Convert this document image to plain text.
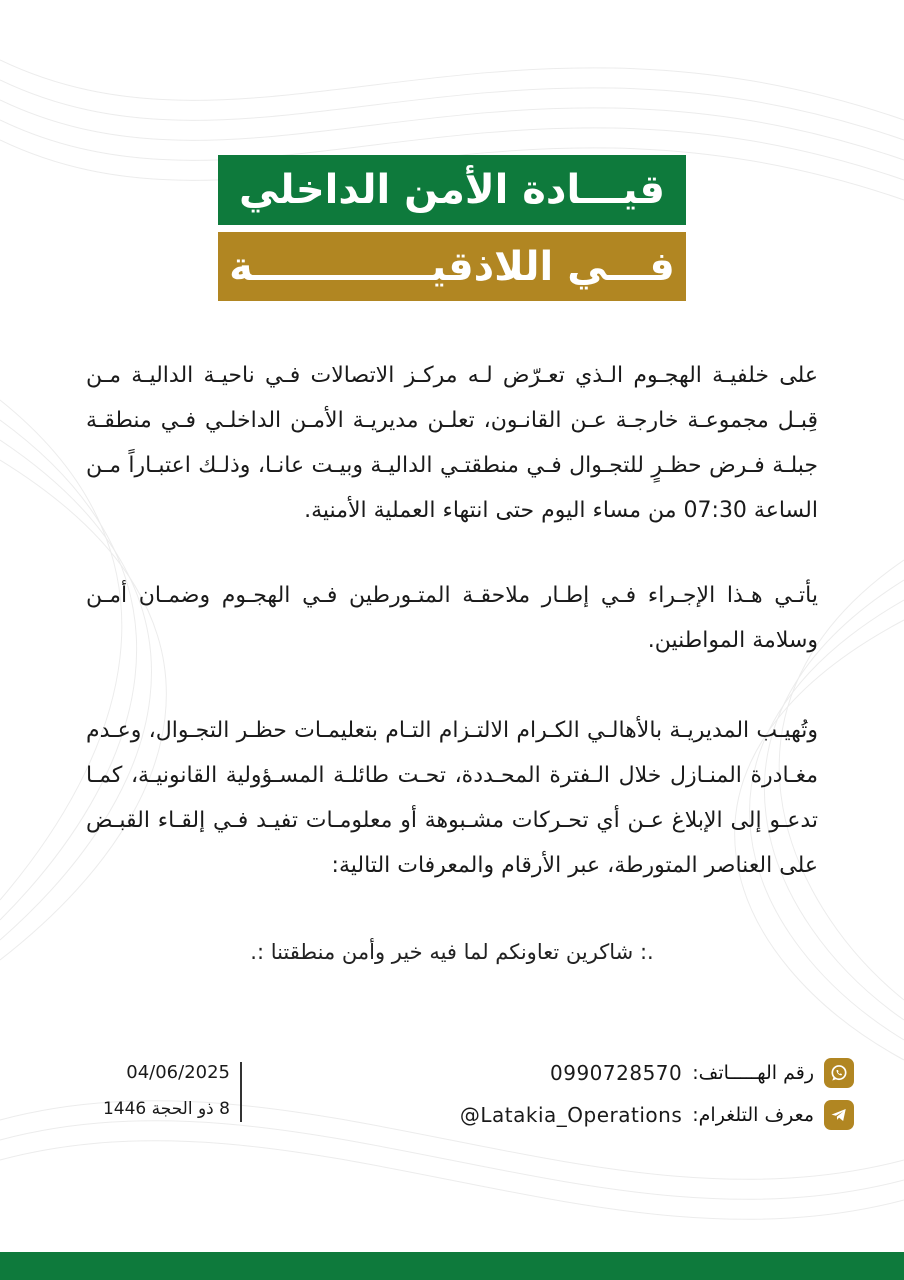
قيـــادة الأمن الداخلي
فـــي اللاذقيـــــــــــــة

على خلفيـة الهجـوم الـذي تعـرّض لـه مركـز الاتصالات فـي ناحيـة الداليـة مـن قِبـل مجموعـة خارجـة عـن القانـون، تعلـن مديريـة الأمـن الداخلـي فـي منطقـة جبلـة فـرض حظـرٍ للتجـوال فـي منطقتـي الداليـة وبيـت عانـا، وذلـك اعتبـاراً مـن الساعة 07:30 من مساء اليوم حتى انتهاء العملية الأمنية.

يأتـي هـذا الإجـراء فـي إطـار ملاحقـة المتـورطين فـي الهجـوم وضمـان أمـن وسلامة المواطنين.

وتُهيـب المديريـة بالأهالـي الكـرام الالتـزام التـام بتعليمـات حظـر التجـوال، وعـدم مغـادرة المنـازل خلال الـفترة المحـددة، تحـت طائلـة المسـؤولية القانونيـة، كمـا تدعـو إلى الإبلاغ عـن أي تحـركات مشـبوهة أو معلومـات تفيـد فـي إلقـاء القبـض على العناصر المتورطة، عبر الأرقام والمعرفات التالية:

.: شاكرين تعاونكم لما فيه خير وأمن منطقتنا :.
رقم الهـــــاتف:
0990728570
معرف التلغرام:
@Latakia_Operations
04/06/2025
8 ذو الحجة 1446
